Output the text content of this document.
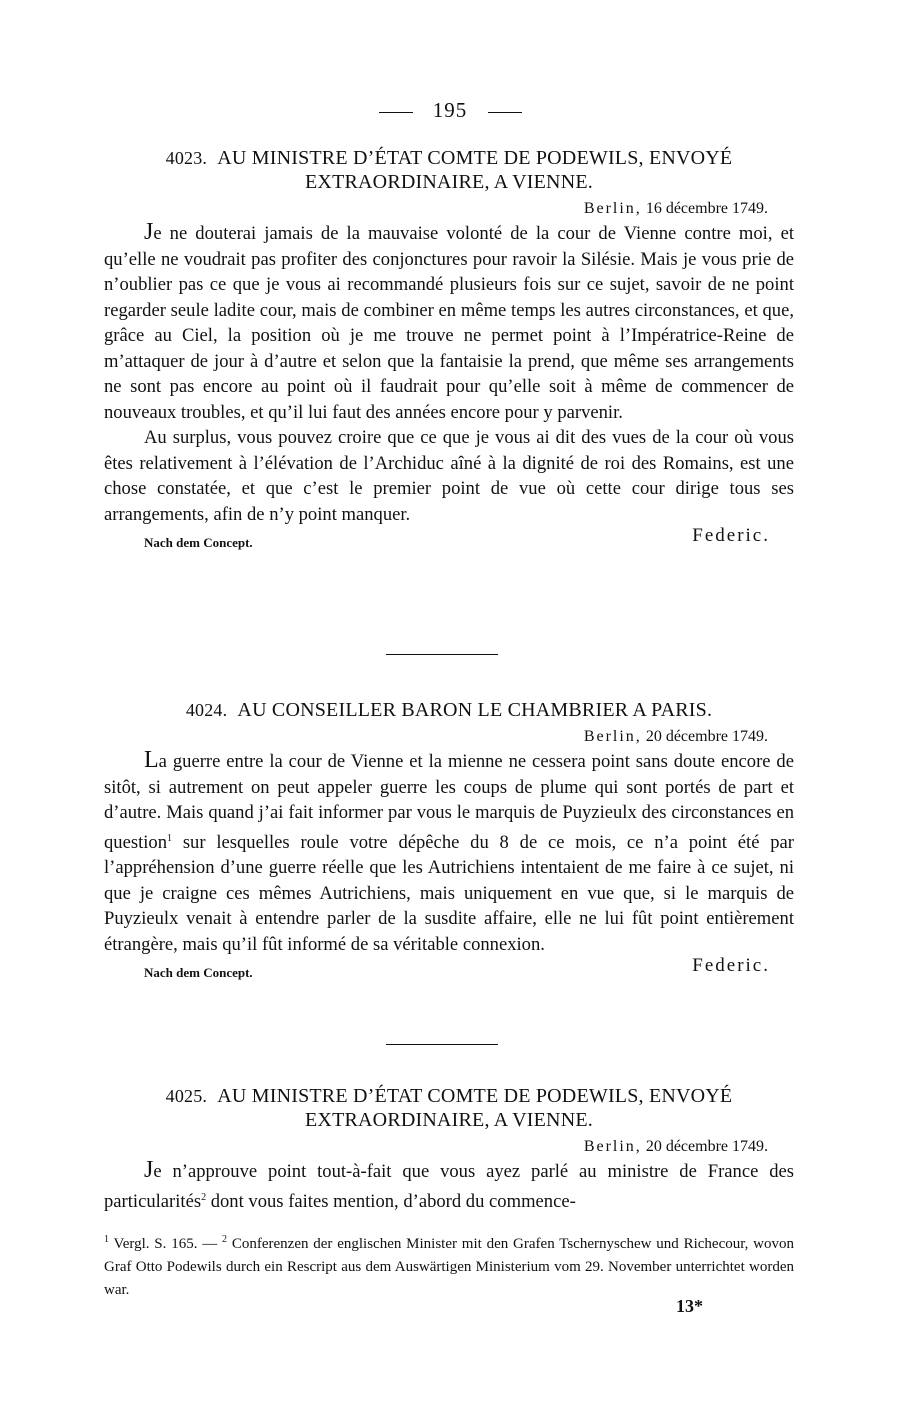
195
4023. AU MINISTRE D’ÉTAT COMTE DE PODEWILS, ENVOYÉ
EXTRAORDINAIRE, A VIENNE.
Berlin, 16 décembre 1749.

Je ne douterai jamais de la mauvaise volonté de la cour de Vienne contre moi, et qu’elle ne voudrait pas profiter des conjonctures pour ravoir la Silésie. Mais je vous prie de n’oublier pas ce que je vous ai recommandé plusieurs fois sur ce sujet, savoir de ne point regarder seule ladite cour, mais de combiner en même temps les autres circonstances, et que, grâce au Ciel, la position où je me trouve ne permet point à l’Impératrice-Reine de m’attaquer de jour à d’autre et selon que la fantaisie la prend, que même ses arrangements ne sont pas encore au point où il faudrait pour qu’elle soit à même de commencer de nouveaux troubles, et qu’il lui faut des années encore pour y parvenir.

Au surplus, vous pouvez croire que ce que je vous ai dit des vues de la cour où vous êtes relativement à l’élévation de l’Archiduc aîné à la dignité de roi des Romains, est une chose constatée, et que c’est le premier point de vue où cette cour dirige tous ses arrangements, afin de n’y point manquer.

Nach dem Concept.	Federic.
4024. AU CONSEILLER BARON LE CHAMBRIER A PARIS.
Berlin, 20 décembre 1749.

La guerre entre la cour de Vienne et la mienne ne cessera point sans doute encore de sitôt, si autrement on peut appeler guerre les coups de plume qui sont portés de part et d’autre. Mais quand j’ai fait informer par vous le marquis de Puyzieulx des circonstances en question$^1$ sur lesquelles roule votre dépêche du 8 de ce mois, ce n’a point été par l’appréhension d’une guerre réelle que les Autrichiens intentaient de me faire à ce sujet, ni que je craigne ces mêmes Autrichiens, mais uniquement en vue que, si le marquis de Puyzieulx venait à entendre parler de la susdite affaire, elle ne lui fût point entièrement étrangère, mais qu’il fût informé de sa véritable connexion.

Nach dem Concept.	Federic.
4025. AU MINISTRE D’ÉTAT COMTE DE PODEWILS, ENVOYÉ
EXTRAORDINAIRE, A VIENNE.
Berlin, 20 décembre 1749.

Je n’approuve point tout-à-fait que vous ayez parlé au ministre de France des particularités$^2$ dont vous faites mention, d’abord du commence-

$^1$ Vergl. S. 165. — $^2$ Conferenzen der englischen Minister mit den Grafen Tschernyschew und Richecour, wovon Graf Otto Podewils durch ein Rescript aus dem Auswärtigen Ministerium vom 29. November unterrichtet worden war.
13*
